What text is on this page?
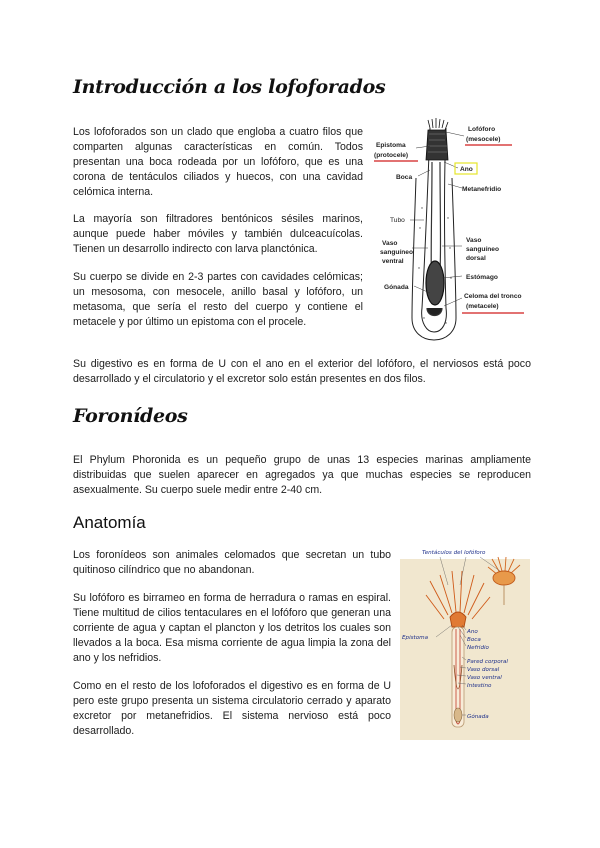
Introducción a los lofoforados
Los lofoforados son un clado que engloba a cuatro filos que comparten algunas características en común. Todos presentan una boca rodeada por un lofóforo, que es una corona de tentáculos ciliados y huecos, con una cavidad celómica interna.
La mayoría son filtradores bentónicos sésiles marinos, aunque puede haber móviles y también dulceacuícolas. Tienen un desarrollo indirecto con larva planctónica.
Su cuerpo se divide en 2-3 partes con cavidades celómicas; un mesosoma, con mesocele, anillo basal y lofóforo, un metasoma, que sería el resto del cuerpo y contiene el metacele y por último un epistoma con el procele.
Su digestivo es en forma de U con el ano en el exterior del lofóforo, el nerviosos está poco desarrollado y el circulatorio y el excretor solo están presentes en dos filos.
Lofóforo
(mesocele)
Epistoma
(protocele)
Ano
Boca
Metanefridio
Tubo
Vaso
sanguíneo
ventral
Vaso
sanguíneo
dorsal
Estómago
Gónada
Celoma del tronco
(metacele)
Foronídeos
El Phylum Phoronida es un pequeño grupo de unas 13 especies marinas ampliamente distribuidas que suelen aparecer en agregados ya que muchas especies se reproducen asexualmente. Su cuerpo suele medir entre 2-40 cm.
Anatomía
Los foronídeos son animales celomados que secretan un tubo quitinoso cilíndrico que no abandonan.
Su lofóforo es birrameo en forma de herradura o ramas en espiral. Tiene multitud de cilios tentaculares en el lofóforo que generan una corriente de agua y captan el plancton y los detritos los cuales son llevados a la boca. Esa misma corriente de agua limpia la zona del ano y los nefridios.
Como en el resto de los lofoforados el digestivo es en forma de U pero este grupo presenta un sistema circulatorio cerrado y aparato excretor por metanefridios. El sistema nervioso está poco desarrollado.
Tentáculos del lofóforo
Epistoma
Ano
Boca
Nefridio
Pared corporal
Vaso dorsal
Vaso ventral
Intestino
Gónada
